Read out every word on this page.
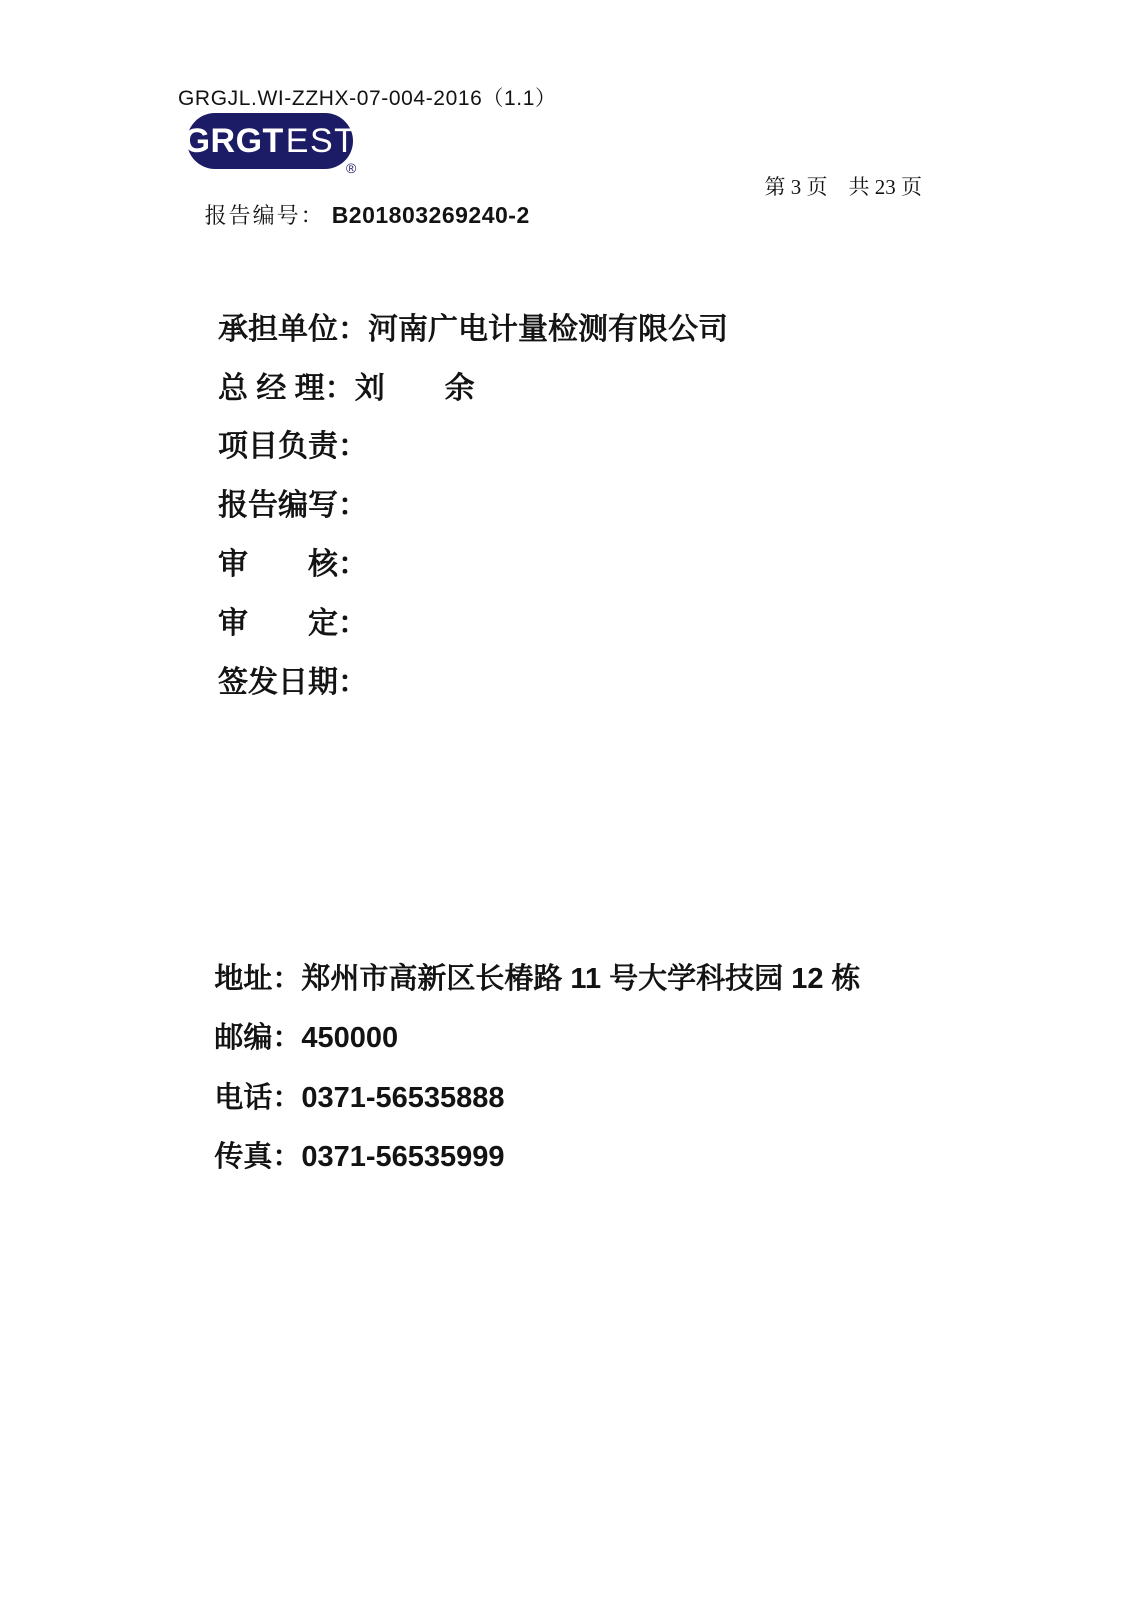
GRGJL.WI-ZZHX-07-004-2016（1.1）
GRGT EST
®

报告编号： B201803269240-2

第 3 页　共 23 页

承担单位：河南广电计量检测有限公司

总 经 理：刘　　余

项目负责：

报告编写：

审　　核：

审　　定：

签发日期：

地址：郑州市高新区长椿路 11 号大学科技园 12 栋

邮编：450000

电话：0371-56535888

传真：0371-56535999
